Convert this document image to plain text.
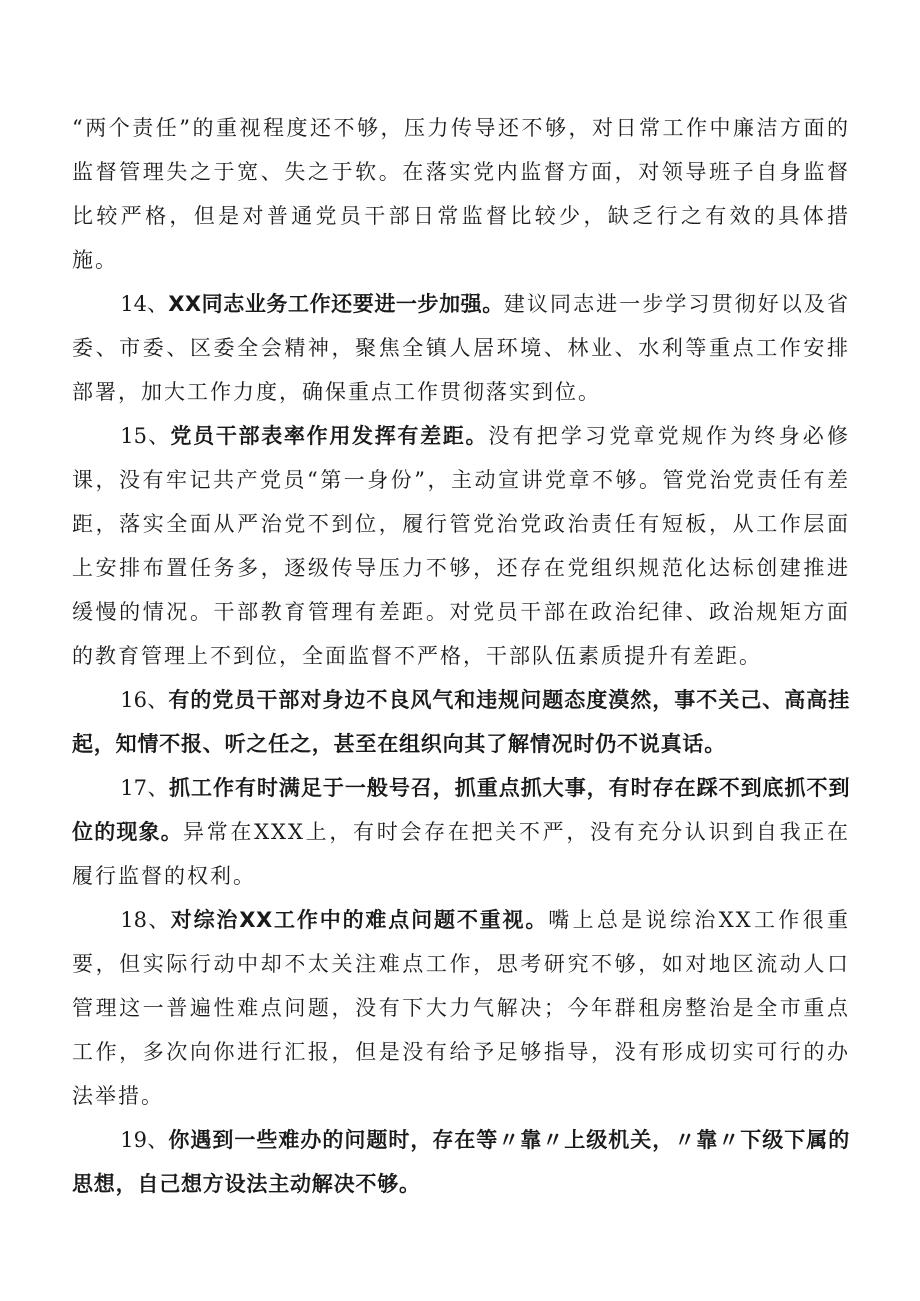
“两个责任”的重视程度还不够，压力传导还不够，对日常工作中廉洁方面的监督管理失之于宽、失之于软。在落实党内监督方面，对领导班子自身监督比较严格，但是对普通党员干部日常监督比较少，缺乏行之有效的具体措施。

14、XX同志业务工作还要进一步加强。建议同志进一步学习贯彻好以及省委、市委、区委全会精神，聚焦全镇人居环境、林业、水利等重点工作安排部署，加大工作力度，确保重点工作贯彻落实到位。

15、党员干部表率作用发挥有差距。没有把学习党章党规作为终身必修课，没有牢记共产党员“第一身份”，主动宣讲党章不够。管党治党责任有差距，落实全面从严治党不到位，履行管党治党政治责任有短板，从工作层面上安排布置任务多，逐级传导压力不够，还存在党组织规范化达标创建推进缓慢的情况。干部教育管理有差距。对党员干部在政治纪律、政治规矩方面的教育管理上不到位，全面监督不严格，干部队伍素质提升有差距。

16、有的党员干部对身边不良风气和违规问题态度漠然，事不关己、高高挂起，知情不报、听之任之，甚至在组织向其了解情况时仍不说真话。

17、抓工作有时满足于一般号召，抓重点抓大事，有时存在踩不到底抓不到位的现象。异常在XXX上，有时会存在把关不严，没有充分认识到自我正在履行监督的权利。

18、对综治XX工作中的难点问题不重视。嘴上总是说综治XX工作很重要，但实际行动中却不太关注难点工作，思考研究不够，如对地区流动人口管理这一普遍性难点问题，没有下大力气解决；今年群租房整治是全市重点工作，多次向你进行汇报，但是没有给予足够指导，没有形成切实可行的办法举措。

19、你遇到一些难办的问题时，存在等〃靠〃上级机关，〃靠〃下级下属的思想，自己想方设法主动解决不够。
